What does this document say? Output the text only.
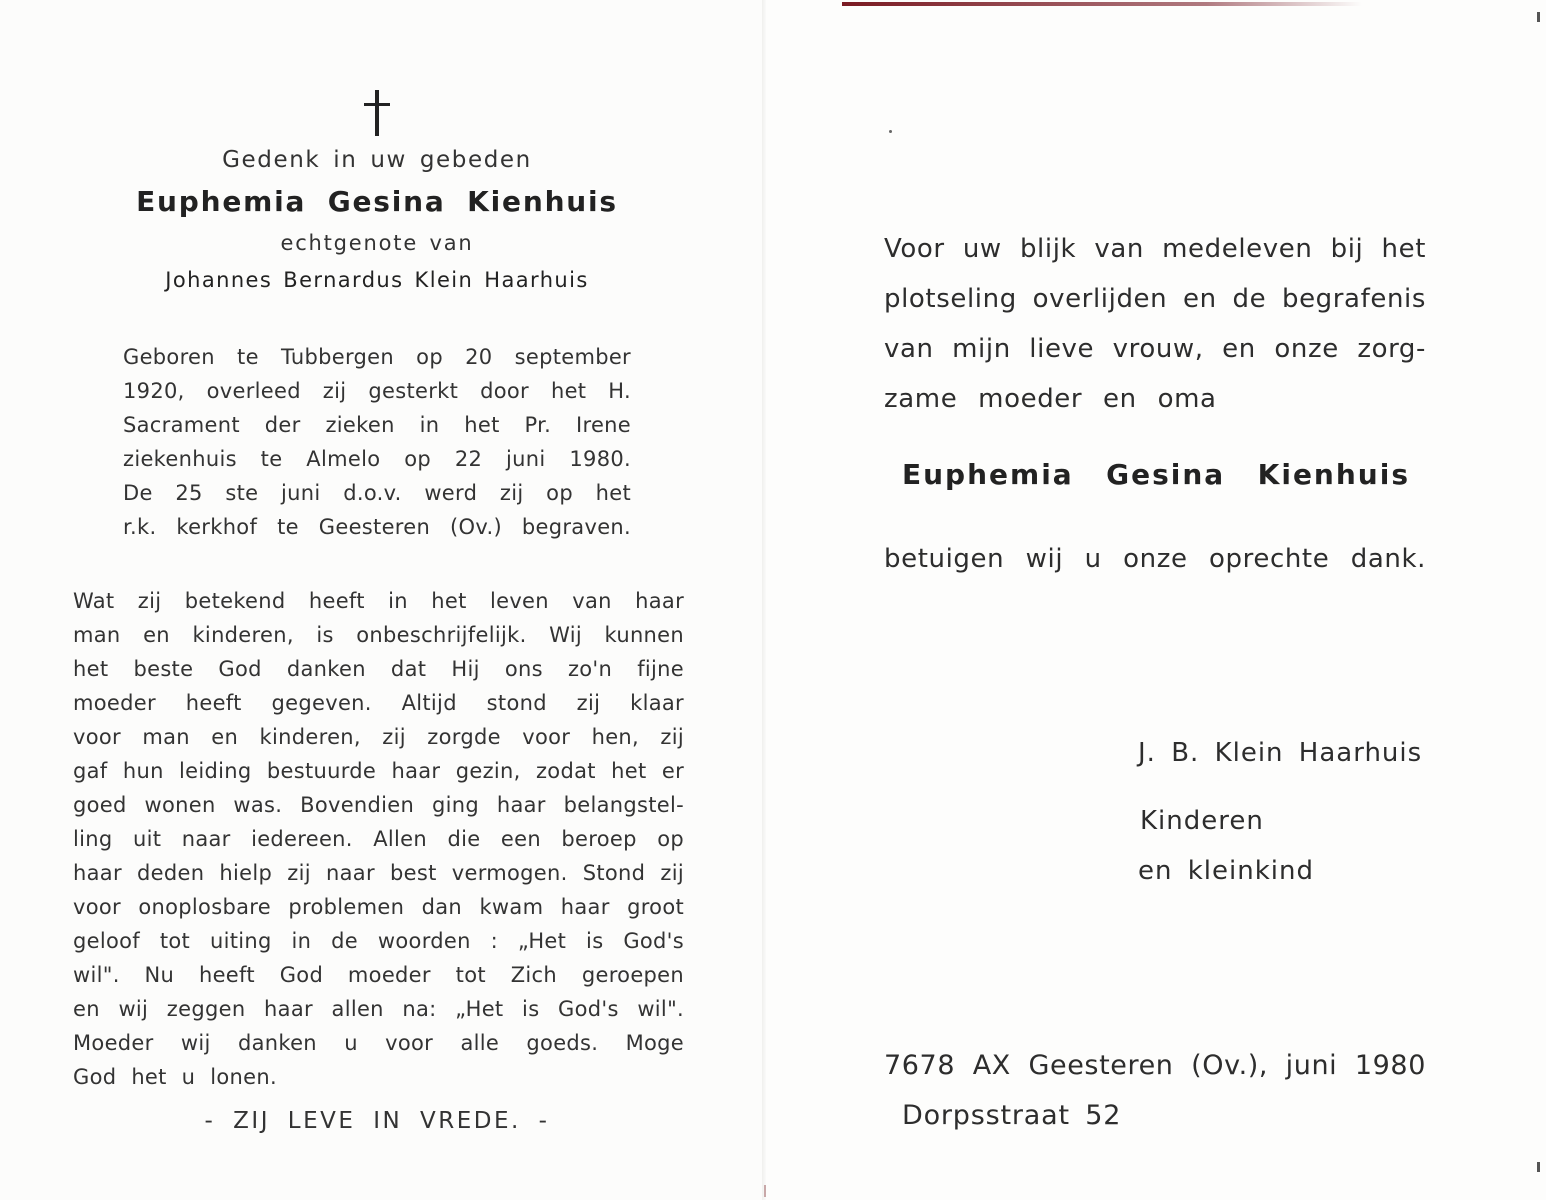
Gedenk in uw gebeden
Euphemia Gesina Kienhuis
echtgenote van
Johannes Bernardus Klein Haarhuis
Geboren te Tubbergen op 20 september
1920, overleed zij gesterkt door het H.
Sacrament der zieken in het Pr. Irene
ziekenhuis te Almelo op 22 juni 1980.
De 25 ste juni d.o.v. werd zij op het
r.k. kerkhof te Geesteren (Ov.) begraven.
Wat zij betekend heeft in het leven van haar
man en kinderen, is onbeschrijfelijk. Wij kunnen
het beste God danken dat Hij ons zo'n fijne
moeder heeft gegeven. Altijd stond zij klaar
voor man en kinderen, zij zorgde voor hen, zij
gaf hun leiding bestuurde haar gezin, zodat het er
goed wonen was. Bovendien ging haar belangstel-
ling uit naar iedereen. Allen die een beroep op
haar deden hielp zij naar best vermogen. Stond zij
voor onoplosbare problemen dan kwam haar groot
geloof tot uiting in de woorden : „Het is God's
wil". Nu heeft God moeder tot Zich geroepen
en wij zeggen haar allen na: „Het is God's wil".
Moeder wij danken u voor alle goeds. Moge
God het u lonen.
- ZIJ LEVE IN VREDE. -
Voor uw blijk van medeleven bij het
plotseling overlijden en de begrafenis
van mijn lieve vrouw, en onze zorg-
zame moeder en oma
Euphemia Gesina Kienhuis
betuigen wij u onze oprechte dank.
J. B. Klein Haarhuis
Kinderen
en kleinkind
7678 AX Geesteren (Ov.), juni 1980
Dorpsstraat 52
